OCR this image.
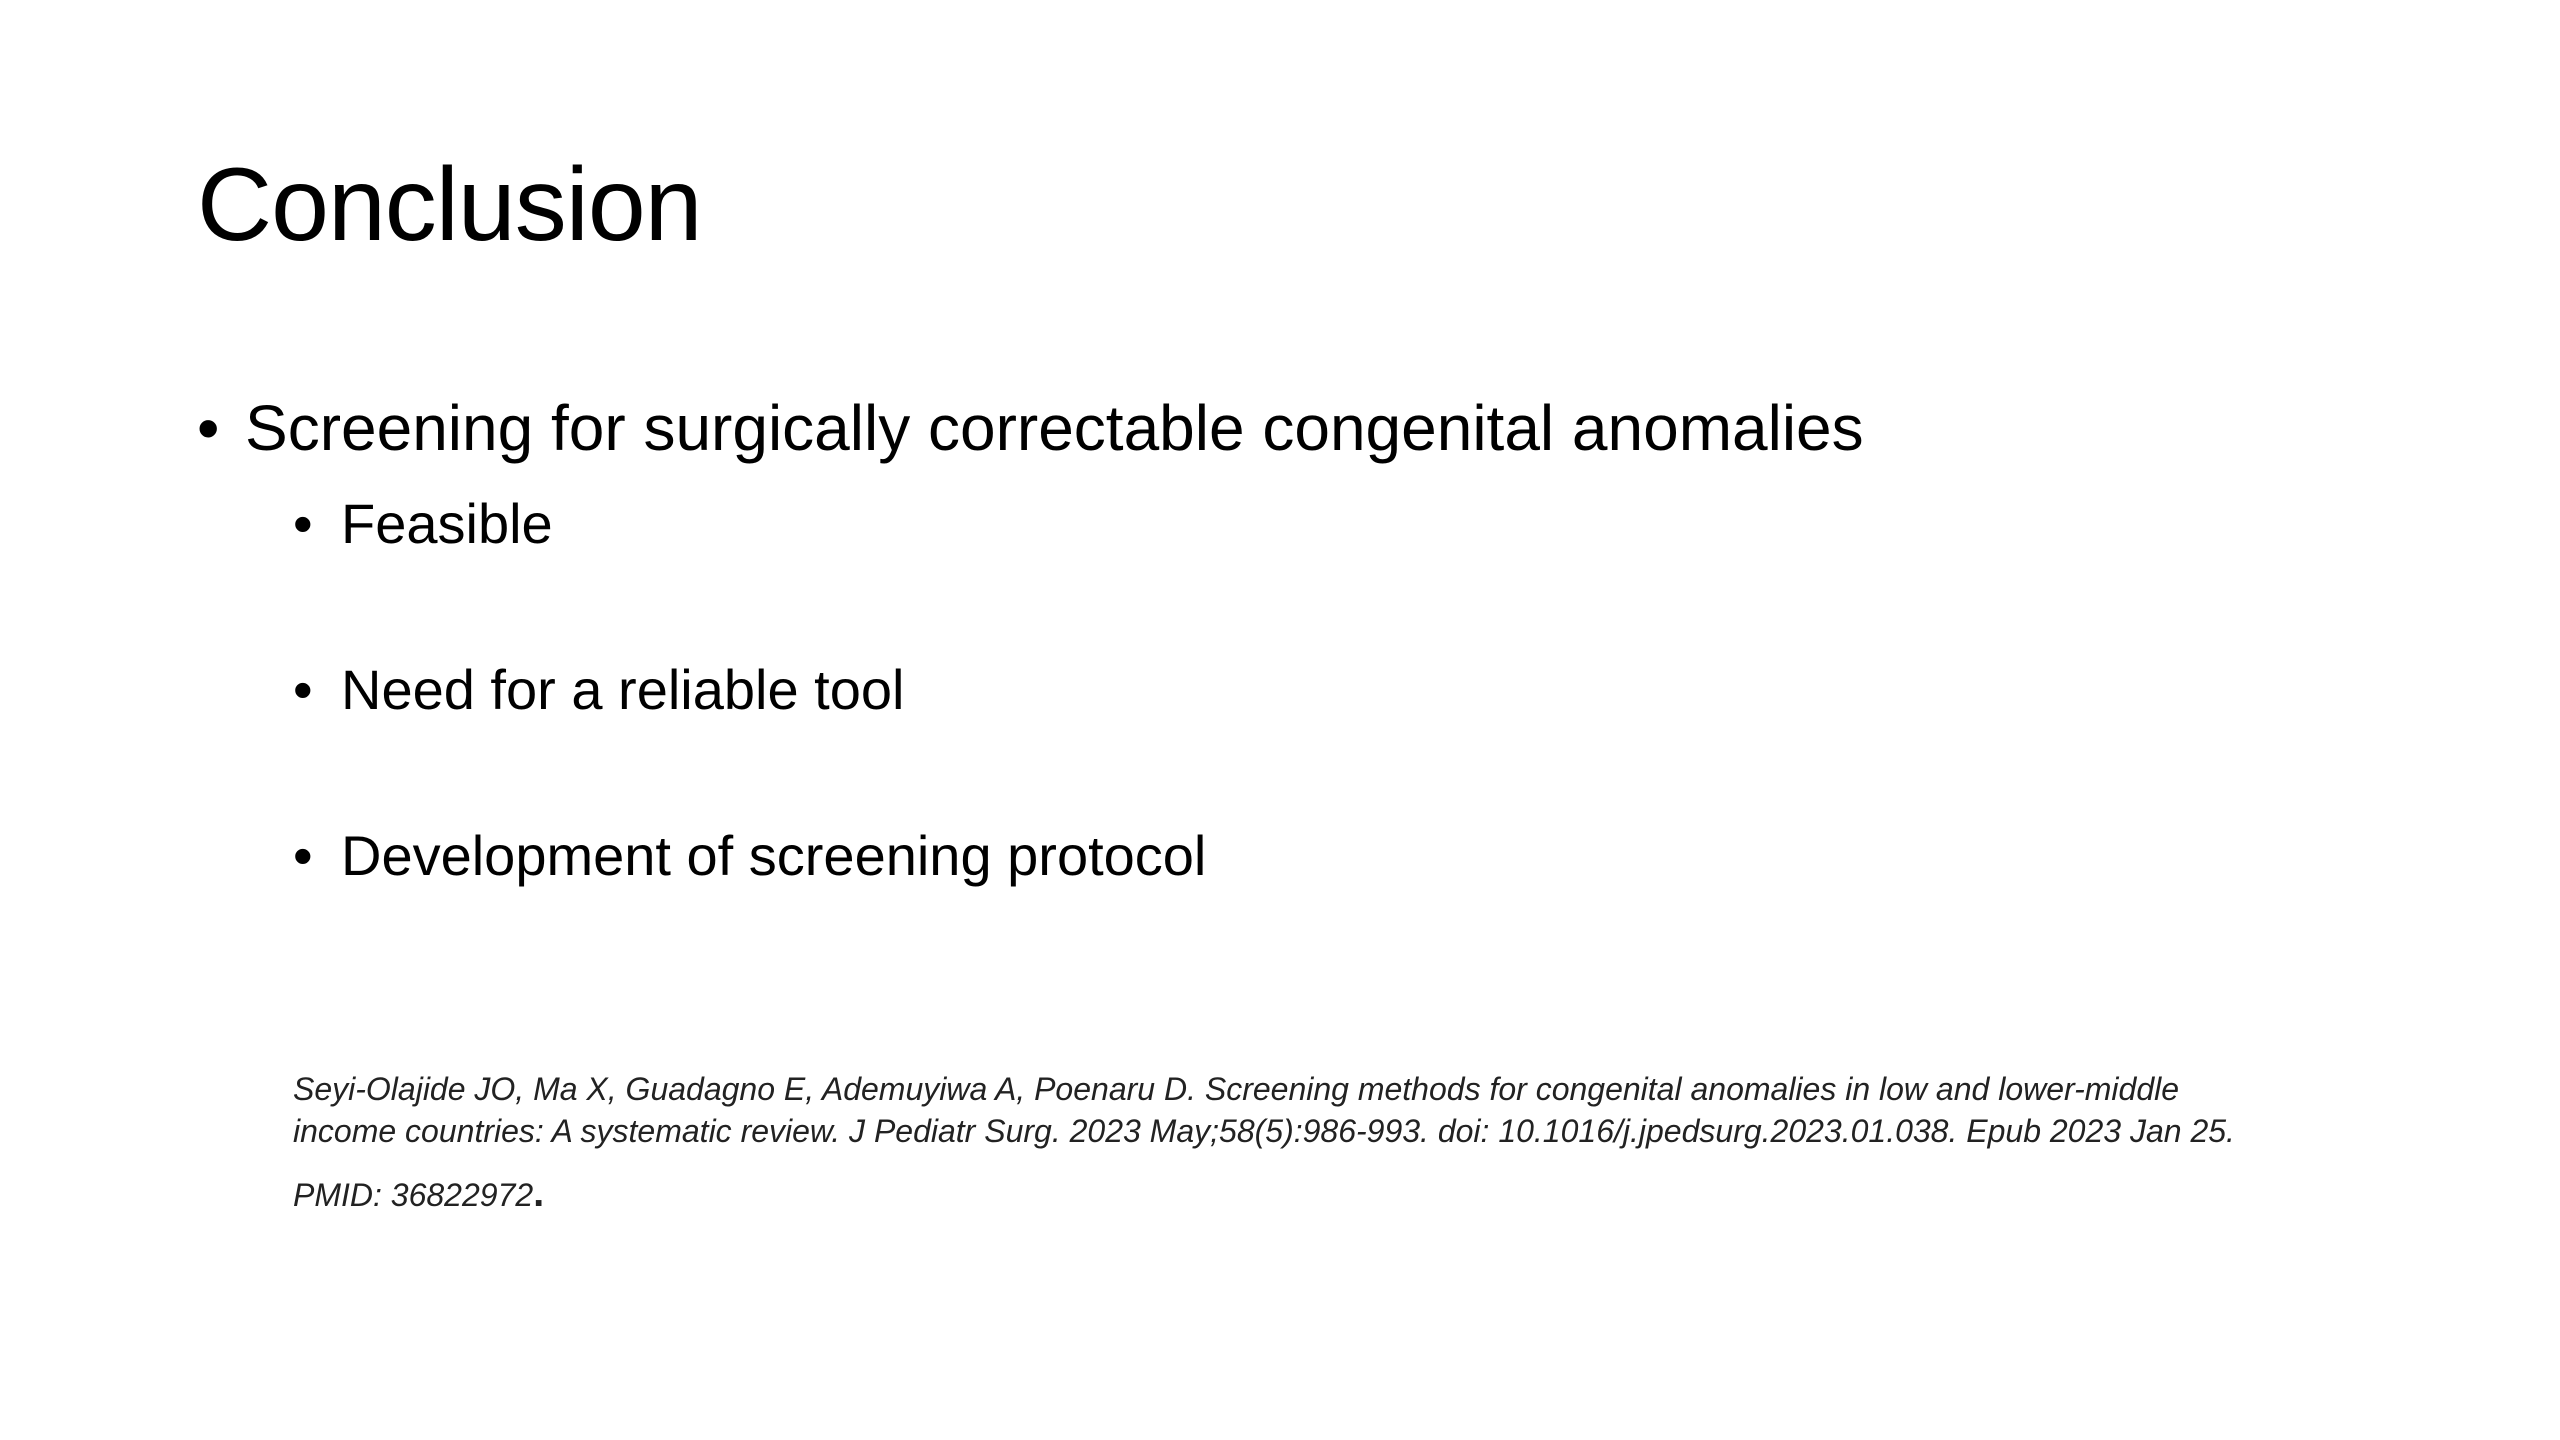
Conclusion
• Screening for surgically correctable congenital anomalies
• Feasible
• Need for a reliable tool
• Development of screening protocol
Seyi-Olajide JO, Ma X, Guadagno E, Ademuyiwa A, Poenaru D. Screening methods for congenital anomalies in low and lower-middle
income countries: A systematic review. J Pediatr Surg. 2023 May;58(5):986-993. doi: 10.1016/j.jpedsurg.2023.01.038. Epub 2023 Jan 25.
PMID: 36822972.
